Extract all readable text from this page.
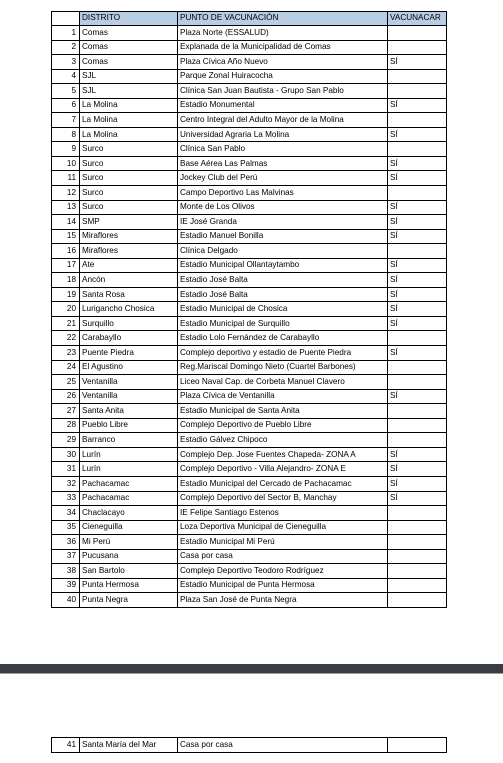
	DISTRITO	PUNTO DE VACUNACIÓN	VACUNACAR
1	Comas	Plaza Norte (ESSALUD)	
2	Comas	Explanada de la Municipalidad de Comas	
3	Comas	Plaza Cívica Año Nuevo	SÍ
4	SJL	Parque Zonal Huiracocha	
5	SJL	Clínica San Juan Bautista - Grupo San Pablo	
6	La Molina	Estadio Monumental	SÍ
7	La Molina	Centro Integral del Adulto Mayor de la Molina	
8	La Molina	Universidad Agraria La Molina	SÍ
9	Surco	Clínica San Pablo	
10	Surco	Base Aérea Las Palmas	SÍ
11	Surco	Jockey Club del Perú	SÍ
12	Surco	Campo Deportivo Las Malvinas	
13	Surco	Monte de Los Olivos	SÍ
14	SMP	IE José Granda	SÍ
15	Miraflores	Estadio Manuel Bonilla	SÍ
16	Miraflores	Clínica Delgado	
17	Ate	Estadio Municipal Ollantaytambo	SÍ
18	Ancón	Estadio José Balta	SÍ
19	Santa Rosa	Estadio José Balta	SÍ
20	Lurigancho Chosica	Estadio Municipal de Chosica	SÍ
21	Surquillo	Estadio Municipal de Surquillo	SÍ
22	Carabayllo	Estadio Lolo Fernández de Carabayllo	
23	Puente Piedra	Complejo deportivo y estadio de Puente Piedra	SÍ
24	El Agustino	Reg.Mariscal Domingo Nieto (Cuartel Barbones)	
25	Ventanilla	Liceo Naval Cap. de Corbeta Manuel Clavero	
26	Ventanilla	Plaza Cívica de Ventanilla	SÍ
27	Santa Anita	Estadio Municipal de Santa Anita	
28	Pueblo Libre	Complejo Deportivo de Pueblo Libre	
29	Barranco	Estadio Gálvez Chipoco	
30	Lurín	Complejo Dep. Jose Fuentes Chapeda- ZONA A	SÍ
31	Lurín	Complejo Deportivo - Villa Alejandro- ZONA E	SÍ
32	Pachacamac	Estadio Municipal del Cercado de Pachacamac	SÍ
33	Pachacamac	Complejo Deportivo del Sector B, Manchay	SÍ
34	Chaclacayo	IE Felipe Santiago Estenos	
35	Cieneguilla	Loza Deportiva Municipal de Cieneguilla	
36	Mi Perú	Estadio Municipal Mi Perú	
37	Pucusana	Casa por casa	
38	San Bartolo	Complejo Deportivo Teodoro Rodríguez	
39	Punta Hermosa	Estadio Municipal de Punta Hermosa	
40	Punta Negra	Plaza San José de Punta Negra	
41	Santa María del Mar	Casa por casa	
